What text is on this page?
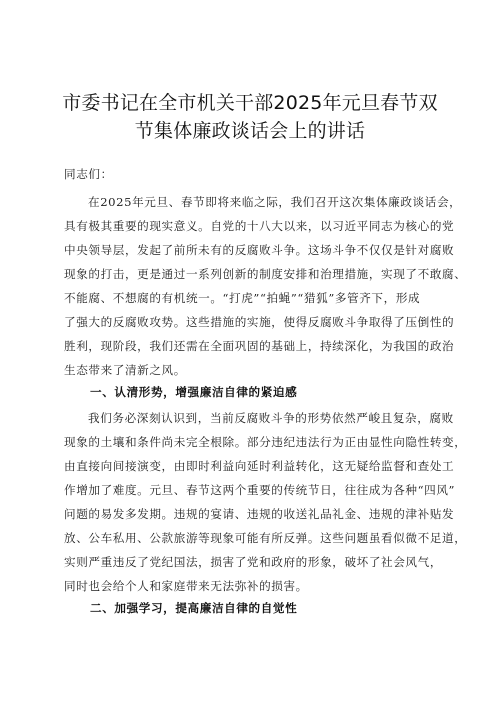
市委书记在全市机关干部2025年元旦春节双
节集体廉政谈话会上的讲话
同志们：
在2025年元旦、春节即将来临之际，我们召开这次集体廉政谈话会，
具有极其重要的现实意义。自党的十八大以来，以习近平同志为核心的党
中央领导层，发起了前所未有的反腐败斗争。这场斗争不仅仅是针对腐败
现象的打击，更是通过一系列创新的制度安排和治理措施，实现了不敢腐、
不能腐、不想腐的有机统一。“打虎”“拍蝇”“猎狐”多管齐下，形成
了强大的反腐败攻势。这些措施的实施，使得反腐败斗争取得了压倒性的
胜利，现阶段，我们还需在全面巩固的基础上，持续深化，为我国的政治
生态带来了清新之风。
一、认清形势，增强廉洁自律的紧迫感
我们务必深刻认识到，当前反腐败斗争的形势依然严峻且复杂，腐败
现象的土壤和条件尚未完全根除。部分违纪违法行为正由显性向隐性转变，
由直接向间接演变，由即时利益向延时利益转化，这无疑给监督和查处工
作增加了难度。元旦、春节这两个重要的传统节日，往往成为各种“四风”
问题的易发多发期。违规的宴请、违规的收送礼品礼金、违规的津补贴发
放、公车私用、公款旅游等现象可能有所反弹。这些问题虽看似微不足道，
实则严重违反了党纪国法，损害了党和政府的形象，破坏了社会风气，
同时也会给个人和家庭带来无法弥补的损害。
二、加强学习，提高廉洁自律的自觉性
